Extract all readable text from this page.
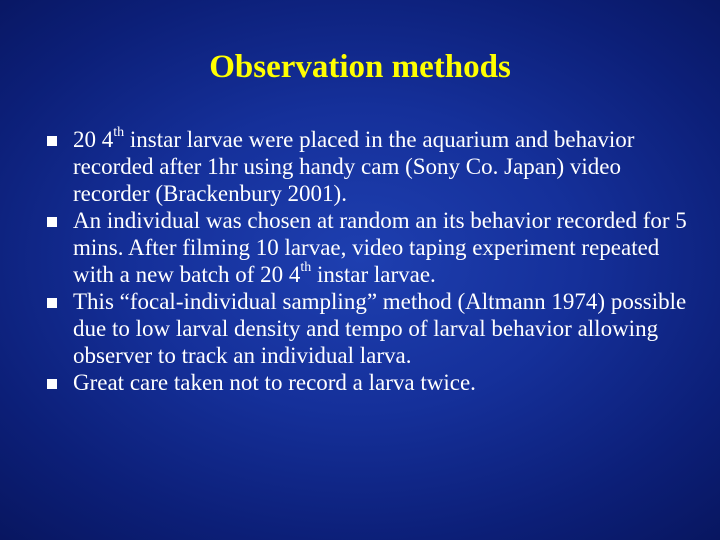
Observation methods
20 4th instar larvae were placed in the aquarium and behavior recorded after 1hr using handy cam (Sony Co. Japan) video recorder (Brackenbury 2001).
An individual was chosen at random an its behavior recorded for 5 mins. After filming 10 larvae, video taping experiment repeated with a new batch of 20 4th instar larvae.
This “focal-individual sampling” method (Altmann 1974) possible due to low larval density and tempo of larval behavior allowing observer to track an individual larva.
Great care taken not to record a larva twice.
